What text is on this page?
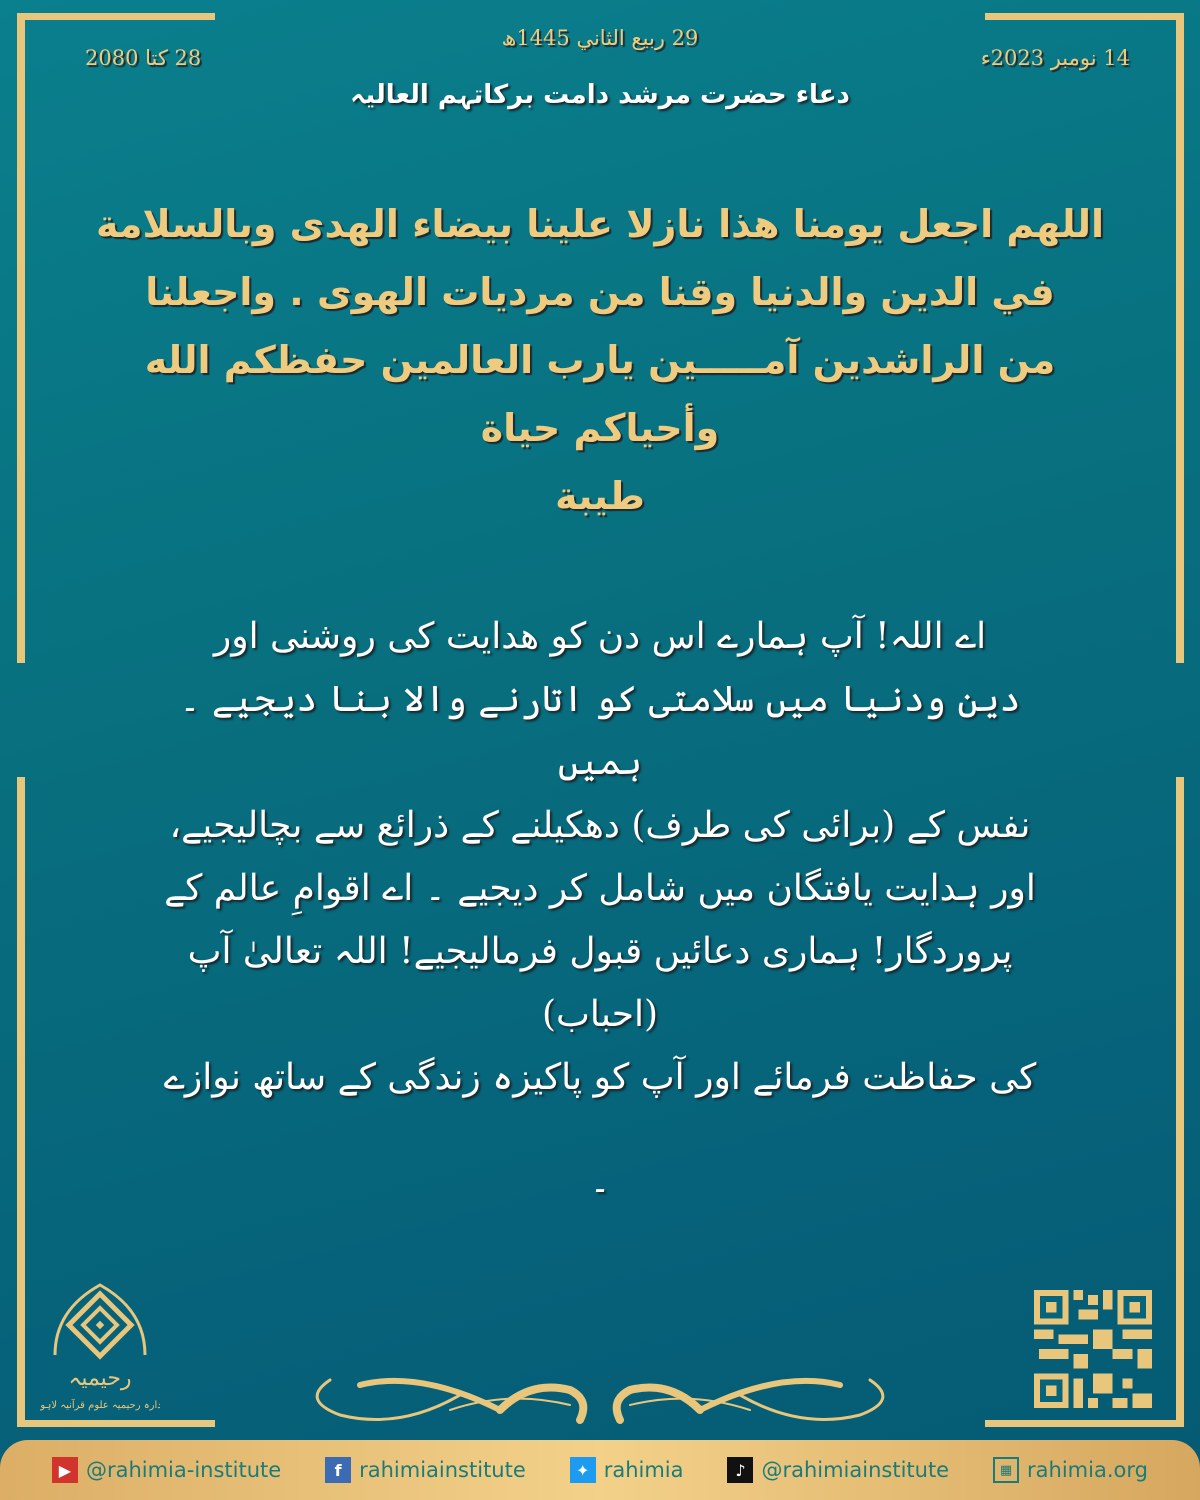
28 کتا 2080
29 ربيع الثاني 1445ھ
14 نومبر 2023ء
دعاء حضرت مرشد دامت برکاتہم العالیہ
اللهم اجعل يومنا هذا نازلا علينا بيضاء الهدى وبالسلامة
في الدين والدنيا وقنا من مرديات الهوى . واجعلنا
من الراشدين آمـــــين يارب العالمين حفظكم الله وأحياكم حياة
طيبة
اے اللہ! آپ ہمارے اس دن کو ھدایت کی روشنی اور
دین ودنیا میں سلامتی کو اتارنے والا بنا دیجیے ۔ ہمیں
نفس کے (برائی کی طرف) دھکیلنے کے ذرائع سے بچالیجیے،
اور ہدایت یافتگان میں شامل کر دیجیے ۔ اے اقوامِ عالم کے
پروردگار! ہماری دعائیں قبول فرمالیجیے! اللہ تعالیٰ آپ (احباب)
کی حفاظت فرمائے اور آپ کو پاکیزہ زندگی کے ساتھ نوازے
۔
رحیمیہ
ادارہ رحیمیہ علوم قرآنیہ لاہور
▶ @rahimia-institute	f rahimiainstitute	✦ rahimia	♪ @rahimiainstitute	▦ rahimia.org
